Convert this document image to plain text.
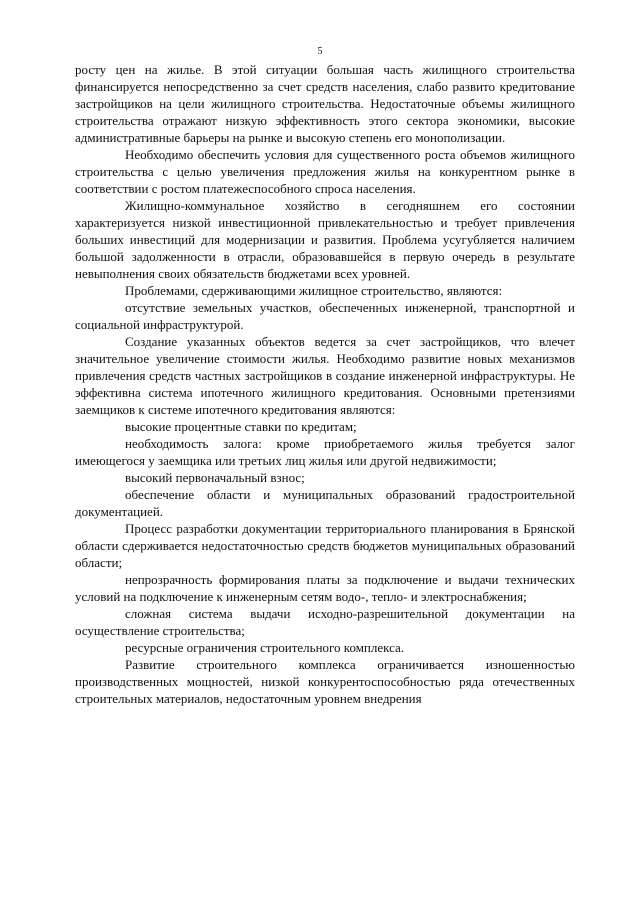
5

росту цен на жилье. В этой ситуации большая часть жилищного строительства финансируется непосредственно за счет средств населения, слабо развито кредитование застройщиков на цели жилищного строительства. Недостаточные объемы жилищного строительства отражают низкую эффективность этого сектора экономики, высокие административные барьеры на рынке и высокую степень его монополизации.

Необходимо обеспечить условия для существенного роста объемов жилищного строительства с целью увеличения предложения жилья на конкурентном рынке в соответствии с ростом платежеспособного спроса населения.

Жилищно-коммунальное хозяйство в сегодняшнем его состоянии характеризуется низкой инвестиционной привлекательностью и требует привлечения больших инвестиций для модернизации и развития. Проблема усугубляется наличием большой задолженности в отрасли, образовавшейся в первую очередь в результате невыполнения своих обязательств бюджетами всех уровней.

Проблемами, сдерживающими жилищное строительство, являются:

отсутствие земельных участков, обеспеченных инженерной, транспортной и социальной инфраструктурой.

Создание указанных объектов ведется за счет застройщиков, что влечет значительное увеличение стоимости жилья. Необходимо развитие новых механизмов привлечения средств частных застройщиков в создание инженерной инфраструктуры. Не эффективна система ипотечного жилищного кредитования. Основными претензиями заемщиков к системе ипотечного кредитования являются:

высокие процентные ставки по кредитам;

необходимость залога: кроме приобретаемого жилья требуется залог имеющегося у заемщика или третьих лиц жилья или другой недвижимости;

высокий первоначальный взнос;

обеспечение области и муниципальных образований градостроительной документацией.

Процесс разработки документации территориального планирования в Брянской области сдерживается недостаточностью средств бюджетов муниципальных образований области;

непрозрачность формирования платы за подключение и выдачи технических условий на подключение к инженерным сетям водо-, тепло- и электроснабжения;

сложная система выдачи исходно-разрешительной документации на осуществление строительства;

ресурсные ограничения строительного комплекса.

Развитие строительного комплекса ограничивается изношенностью производственных мощностей, низкой конкурентоспособностью ряда отечественных строительных материалов, недостаточным уровнем внедрения
